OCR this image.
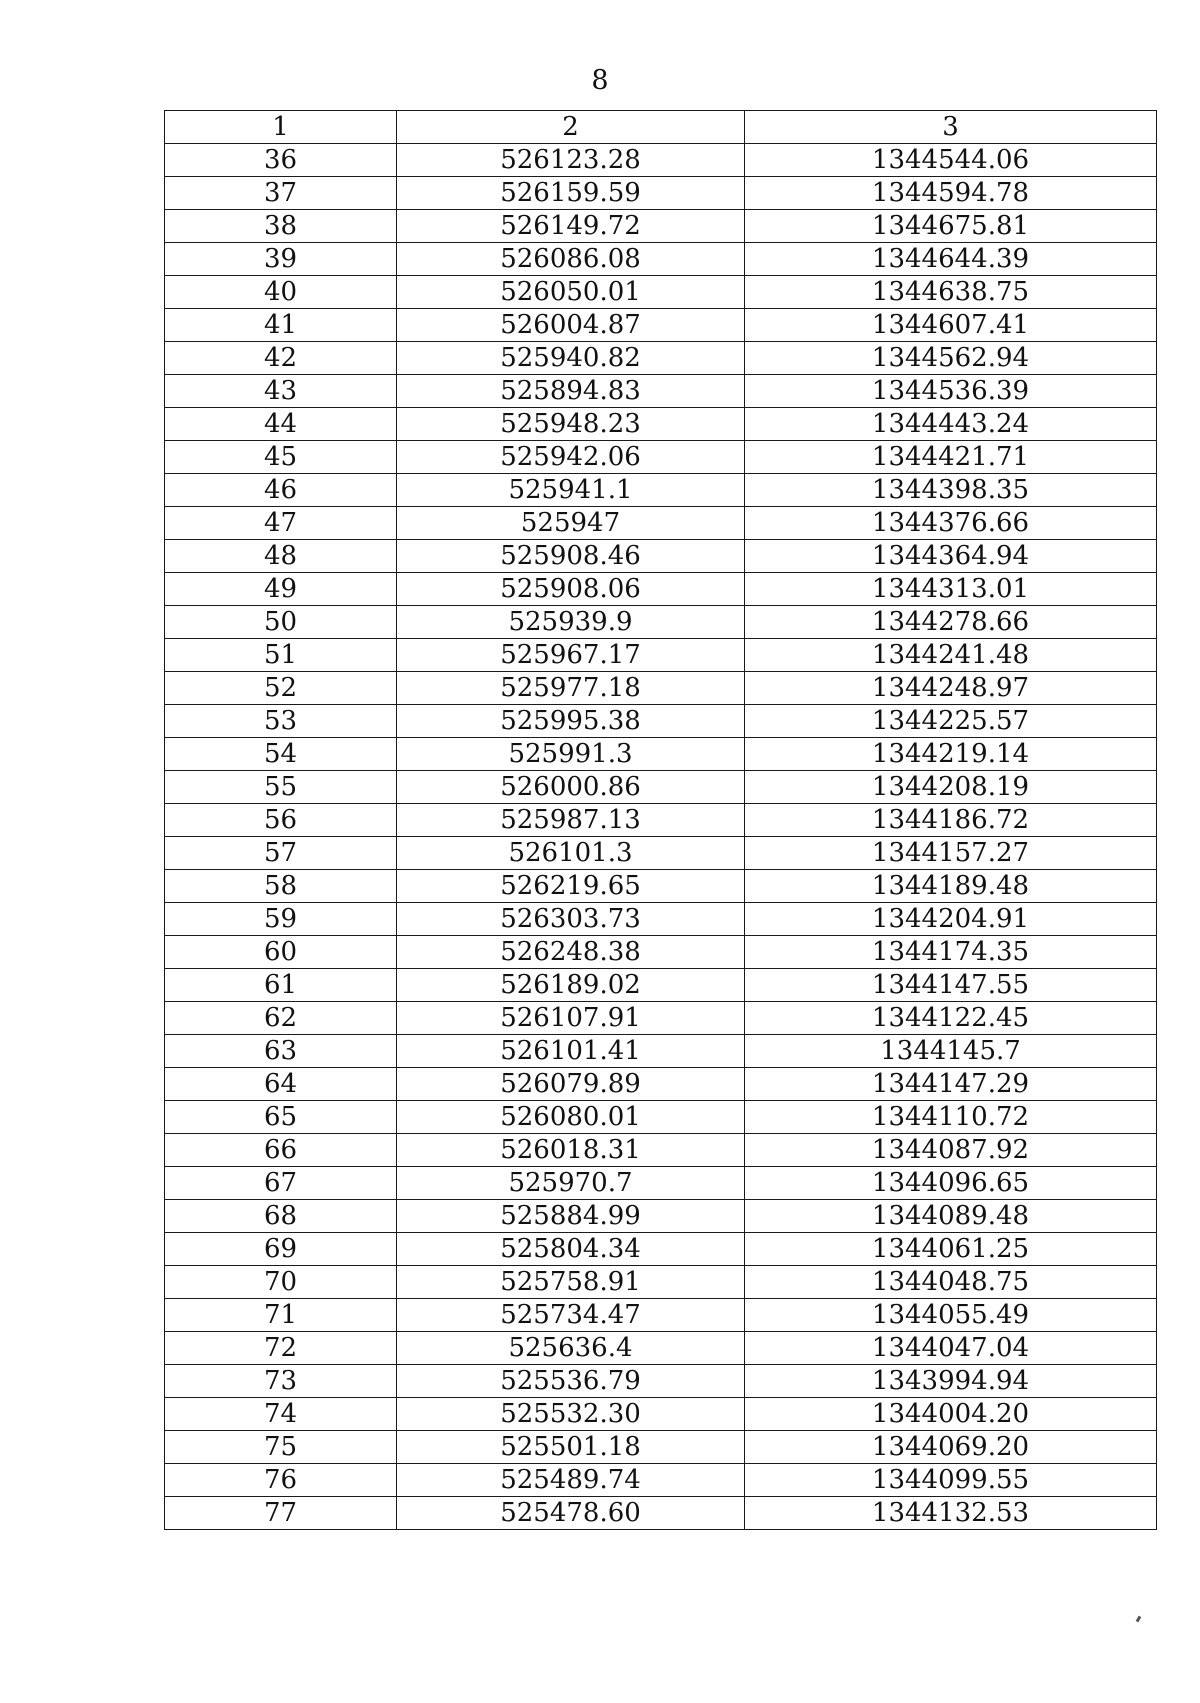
8
1	2	3
36	526123.28	1344544.06
37	526159.59	1344594.78
38	526149.72	1344675.81
39	526086.08	1344644.39
40	526050.01	1344638.75
41	526004.87	1344607.41
42	525940.82	1344562.94
43	525894.83	1344536.39
44	525948.23	1344443.24
45	525942.06	1344421.71
46	525941.1	1344398.35
47	525947	1344376.66
48	525908.46	1344364.94
49	525908.06	1344313.01
50	525939.9	1344278.66
51	525967.17	1344241.48
52	525977.18	1344248.97
53	525995.38	1344225.57
54	525991.3	1344219.14
55	526000.86	1344208.19
56	525987.13	1344186.72
57	526101.3	1344157.27
58	526219.65	1344189.48
59	526303.73	1344204.91
60	526248.38	1344174.35
61	526189.02	1344147.55
62	526107.91	1344122.45
63	526101.41	1344145.7
64	526079.89	1344147.29
65	526080.01	1344110.72
66	526018.31	1344087.92
67	525970.7	1344096.65
68	525884.99	1344089.48
69	525804.34	1344061.25
70	525758.91	1344048.75
71	525734.47	1344055.49
72	525636.4	1344047.04
73	525536.79	1343994.94
74	525532.30	1344004.20
75	525501.18	1344069.20
76	525489.74	1344099.55
77	525478.60	1344132.53
